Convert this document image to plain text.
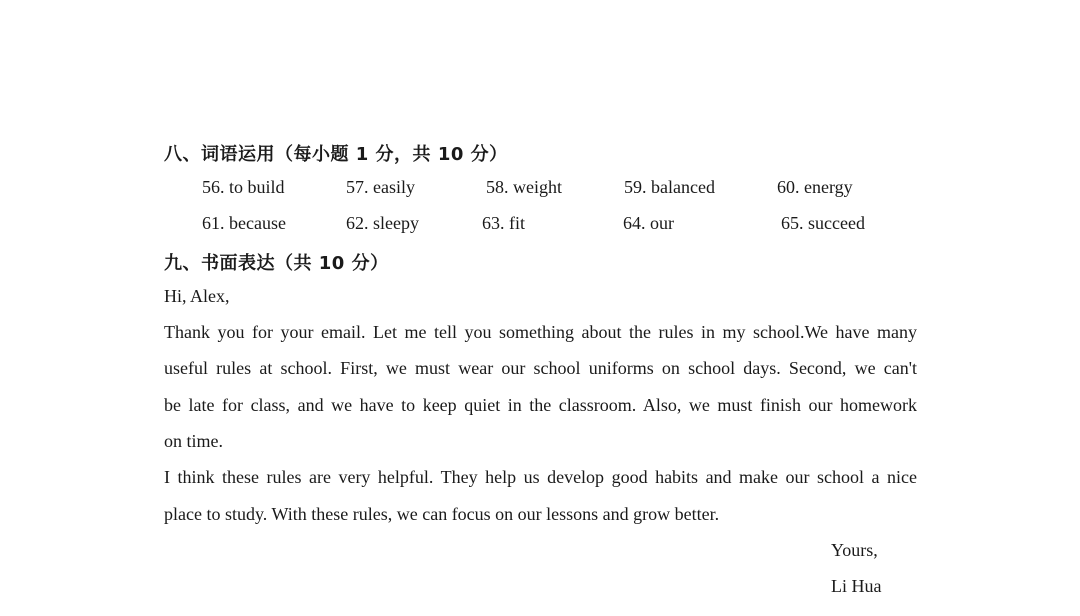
八、词语运用（每小题 1 分，共 10 分）
56. to build	57. easily	58. weight	59. balanced	60. energy
61. because	62. sleepy	63. fit	64. our	65. succeed
九、书面表达（共 10 分）
Hi, Alex,
Thank you for your email. Let me tell you something about the rules in my school.We have many
useful rules at school. First, we must wear our school uniforms on school days. Second, we can't
be late for class, and we have to keep quiet in the classroom. Also, we must finish our homework
on time.
I think these rules are very helpful. They help us develop good habits and make our school a nice
place to study. With these rules, we can focus on our lessons and grow better.
Yours,
Li Hua
